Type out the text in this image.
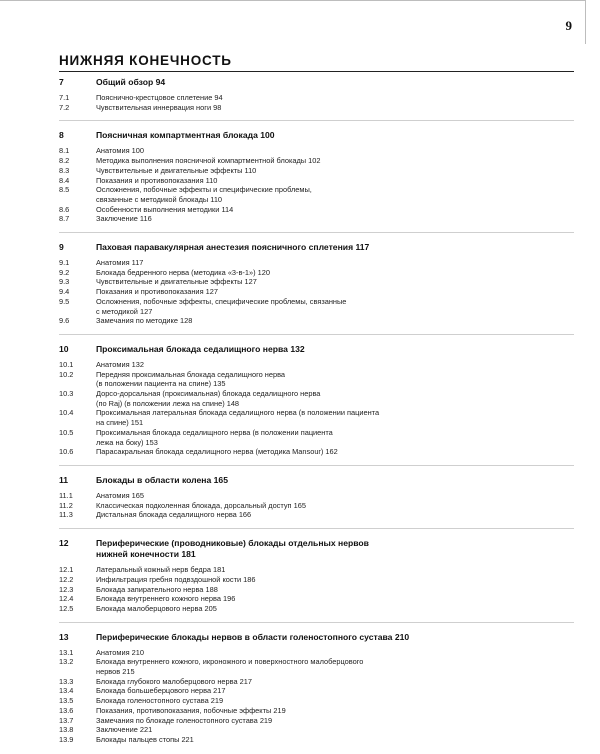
9
НИЖНЯЯ КОНЕЧНОСТЬ
7	Общий обзор 94
7.1	Пояснично-крестцовое сплетение 94
7.2	Чувствительная иннервация ноги 98
8	Поясничная компартментная блокада 100
8.1	Анатомия 100
8.2	Методика выполнения поясничной компартментной блокады 102
8.3	Чувствительные и двигательные эффекты 110
8.4	Показания и противопоказания 110
8.5	Осложнения, побочные эффекты и специфические проблемы,
связанные с методикой блокады 110
8.6	Особенности выполнения методики 114
8.7	Заключение 116
9	Паховая паравакулярная анестезия поясничного сплетения 117
9.1	Анатомия 117
9.2	Блокада бедренного нерва (методика «3-в-1») 120
9.3	Чувствительные и двигательные эффекты 127
9.4	Показания и противопоказания 127
9.5	Осложнения, побочные эффекты, специфические проблемы, связанные
с методикой 127
9.6	Замечания по методике 128
10	Проксимальная блокада седалищного нерва 132
10.1	Анатомия 132
10.2	Передняя проксимальная блокада седалищного нерва
(в положении пациента на спине) 135
10.3	Дорсо-дорсальная (проксимальная) блокада седалищного нерва
(по Raj) (в положении лежа на спине) 148
10.4	Проксимальная латеральная блокада седалищного нерва (в положении пациента
на спине) 151
10.5	Проксимальная блокада седалищного нерва (в положении пациента
лежа на боку) 153
10.6	Парасакральная блокада седалищного нерва (методика Mansour) 162
11	Блокады в области колена 165
11.1	Анатомия 165
11.2	Классическая подколенная блокада, дорсальный доступ 165
11.3	Дистальная блокада седалищного нерва 166
12	Периферические (проводниковые) блокады отдельных нервов
нижней конечности 181
12.1	Латеральный кожный нерв бедра 181
12.2	Инфильтрация гребня подвздошной кости 186
12.3	Блокада запирательного нерва 188
12.4	Блокада внутреннего кожного нерва 196
12.5	Блокада малоберцового нерва 205
13	Периферические блокады нервов в области голеностопного сустава 210
13.1	Анатомия 210
13.2	Блокада внутреннего кожного, икроножного и поверхностного малоберцового
нервов 215
13.3	Блокада глубокого малоберцового нерва 217
13.4	Блокада большеберцового нерва 217
13.5	Блокада голеностопного сустава 219
13.6	Показания, противопоказания, побочные эффекты 219
13.7	Замечания по блокаде голеностопного сустава 219
13.8	Заключение 221
13.9	Блокады пальцев стопы 221
